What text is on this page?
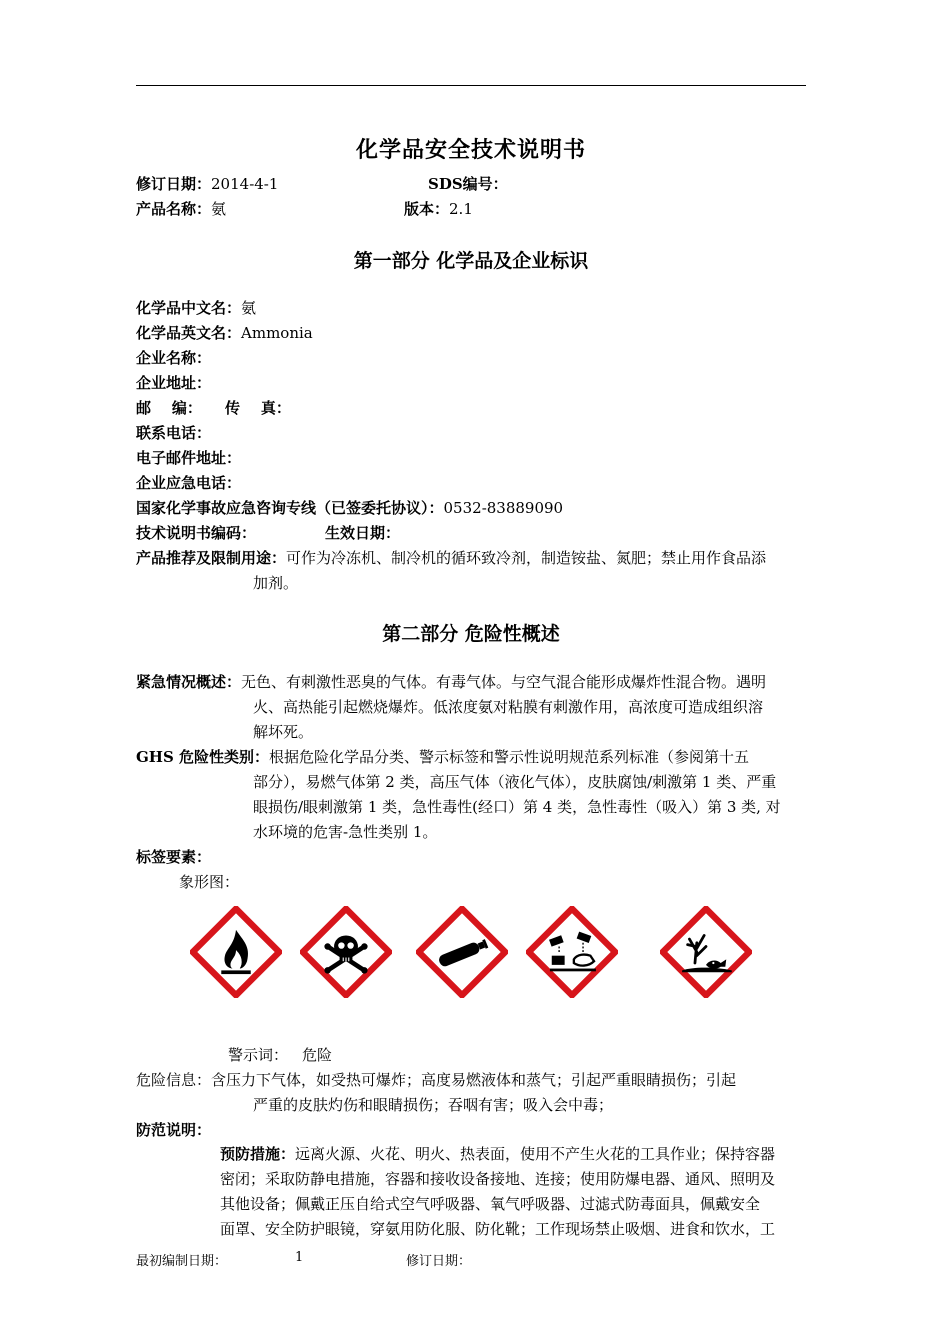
化学品安全技术说明书
修订日期：2014-4-1	SDS编号：
产品名称：氨	版本：2.1
第一部分 化学品及企业标识
化学品中文名：氨
化学品英文名：Ammonia
企业名称：
企业地址：
邮    编： 传    真：
联系电话：
电子邮件地址：
企业应急电话：
国家化学事故应急咨询专线（已签委托协议）：0532-83889090
技术说明书编码：	生效日期：
产品推荐及限制用途：可作为冷冻机、制冷机的循环致冷剂，制造铵盐、氮肥；禁止用作食品添
加剂。
第二部分 危险性概述
紧急情况概述：无色、有刺激性恶臭的气体。有毒气体。与空气混合能形成爆炸性混合物。遇明
火、高热能引起燃烧爆炸。低浓度氨对粘膜有刺激作用，高浓度可造成组织溶
解坏死。
GHS 危险性类别：根据危险化学品分类、警示标签和警示性说明规范系列标准（参阅第十五
部分），易燃气体第 2 类，高压气体（液化气体），皮肤腐蚀/刺激第 1 类、严重
眼损伤/眼刺激第 1 类，急性毒性(经口）第 4 类，急性毒性（吸入）第 3 类, 对
水环境的危害-急性类别 1。
标签要素：
象形图：
警示词： 危险
危险信息：含压力下气体，如受热可爆炸；高度易燃液体和蒸气；引起严重眼睛损伤；引起
严重的皮肤灼伤和眼睛损伤；吞咽有害；吸入会中毒；
防范说明：
预防措施：远离火源、火花、明火、热表面，使用不产生火花的工具作业；保持容器
密闭；采取防静电措施，容器和接收设备接地、连接；使用防爆电器、通风、照明及
其他设备；佩戴正压自给式空气呼吸器、氧气呼吸器、过滤式防毒面具，佩戴安全
面罩、安全防护眼镜，穿氨用防化服、防化靴；工作现场禁止吸烟、进食和饮水，工
最初编制日期：	1	修订日期：
